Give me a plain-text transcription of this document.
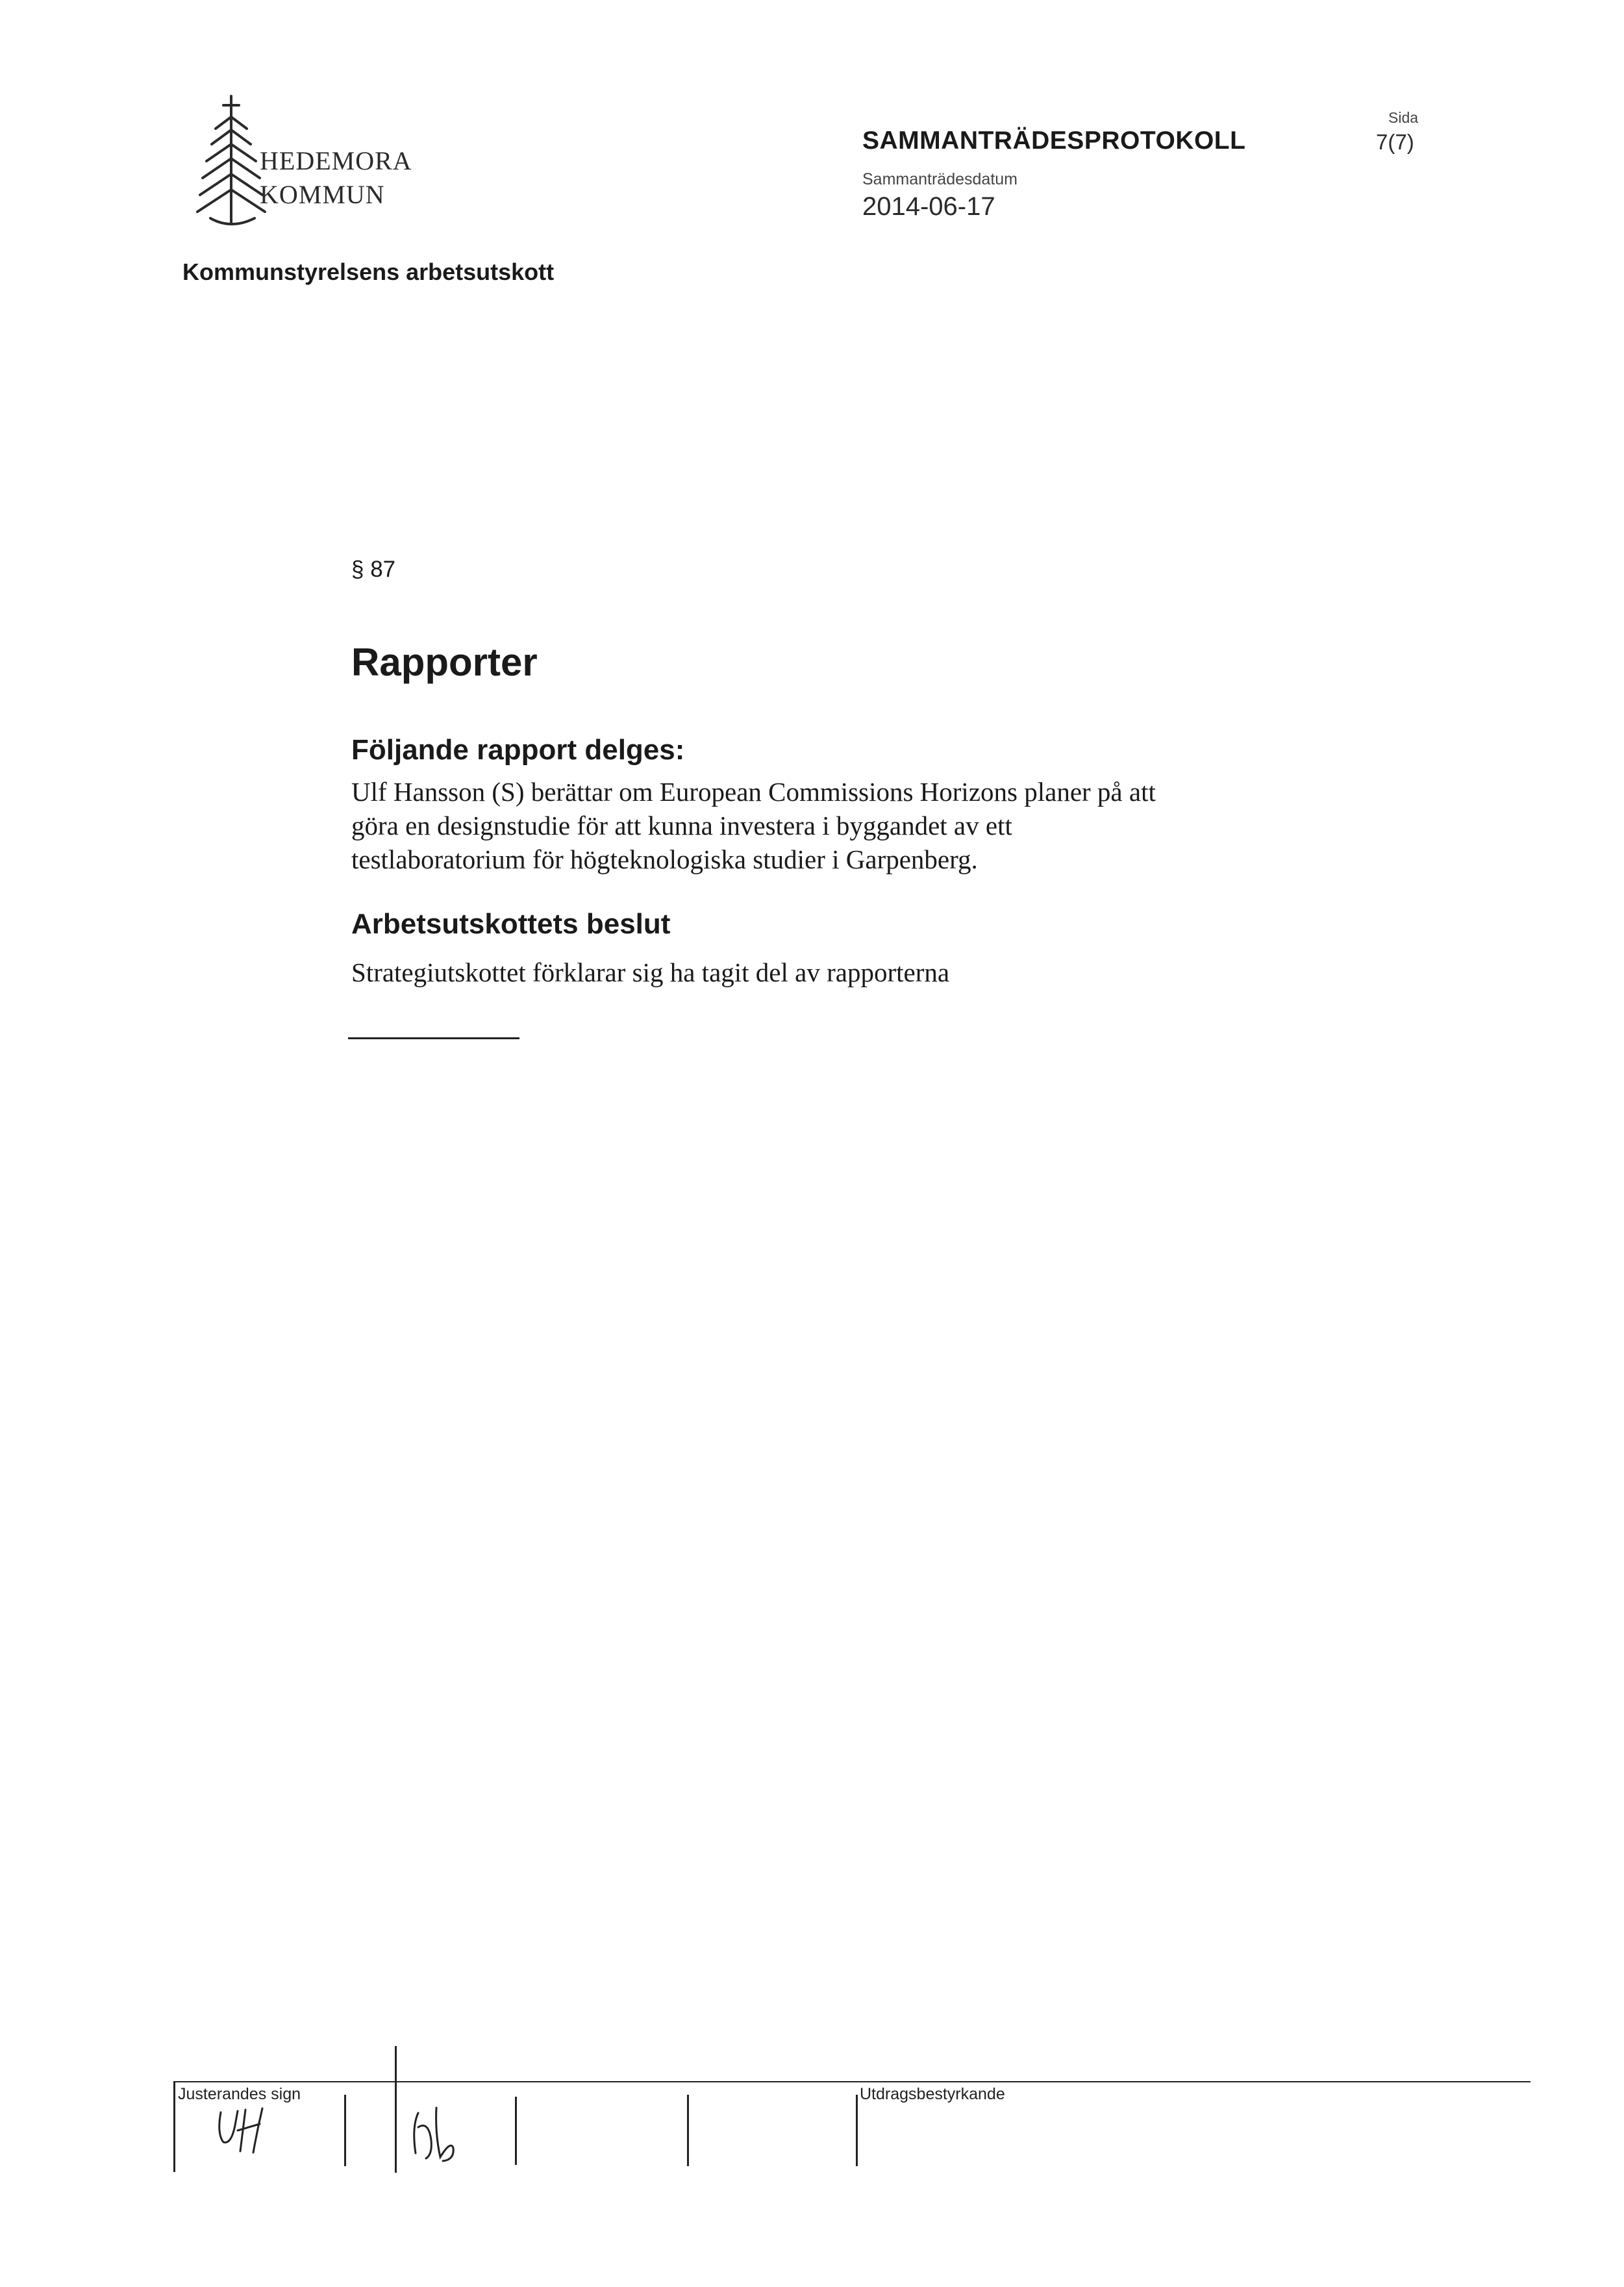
HEDEMORA
KOMMUN
SAMMANTRÄDESPROTOKOLL
Sammanträdesdatum
2014-06-17
Sida
7(7)
Kommunstyrelsens arbetsutskott
§ 87
Rapporter
Följande rapport delges:
Ulf Hansson (S) berättar om European Commissions Horizons planer på att
göra en designstudie för att kunna investera i byggandet av ett
testlaboratorium för högteknologiska studier i Garpenberg.
Arbetsutskottets beslut
Strategiutskottet förklarar sig ha tagit del av rapporterna
Justerandes sign	Utdragsbestyrkande
